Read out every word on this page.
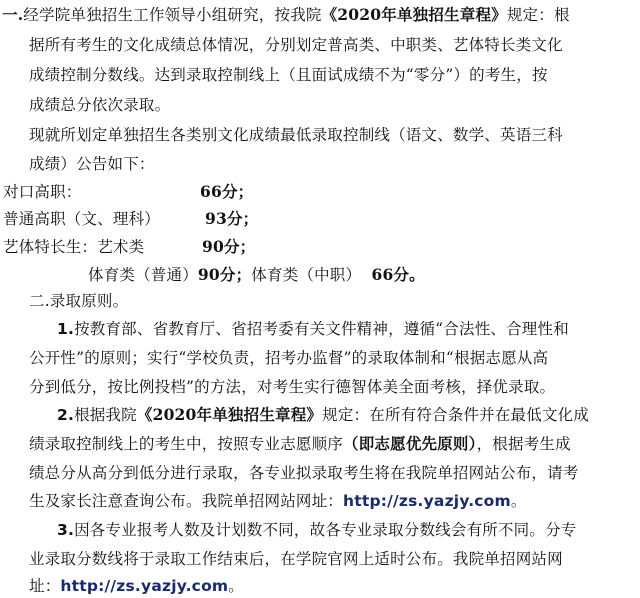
一.经学院单独招生工作领导小组研究，按我院《2020年单独招生章程》规定：根
据所有考生的文化成绩总体情况，分别划定普高类、中职类、艺体特长类文化
成绩控制分数线。达到录取控制线上（且面试成绩不为“零分”）的考生，按
成绩总分依次录取。
现就所划定单独招生各类别文化成绩最低录取控制线（语文、数学、英语三科
成绩）公告如下：
对口高职：	66分；
普通高职（文、理科）	93分；
艺体特长生：艺术类	90分；
体育类（普通）90分；体育类（中职） 66分。
二.录取原则。
1.按教育部、省教育厅、省招考委有关文件精神，遵循“合法性、合理性和
公开性”的原则；实行“学校负责，招考办监督”的录取体制和“根据志愿从高
分到低分，按比例投档”的方法，对考生实行德智体美全面考核，择优录取。
2.根据我院《2020年单独招生章程》规定：在所有符合条件并在最低文化成
绩录取控制线上的考生中，按照专业志愿顺序（即志愿优先原则），根据考生成
绩总分从高分到低分进行录取，各专业拟录取考生将在我院单招网站公布，请考
生及家长注意查询公布。我院单招网站网址：http://zs.yazjy.com。
3.因各专业报考人数及计划数不同，故各专业录取分数线会有所不同。分专
业录取分数线将于录取工作结束后，在学院官网上适时公布。我院单招网站网
址：http://zs.yazjy.com。
